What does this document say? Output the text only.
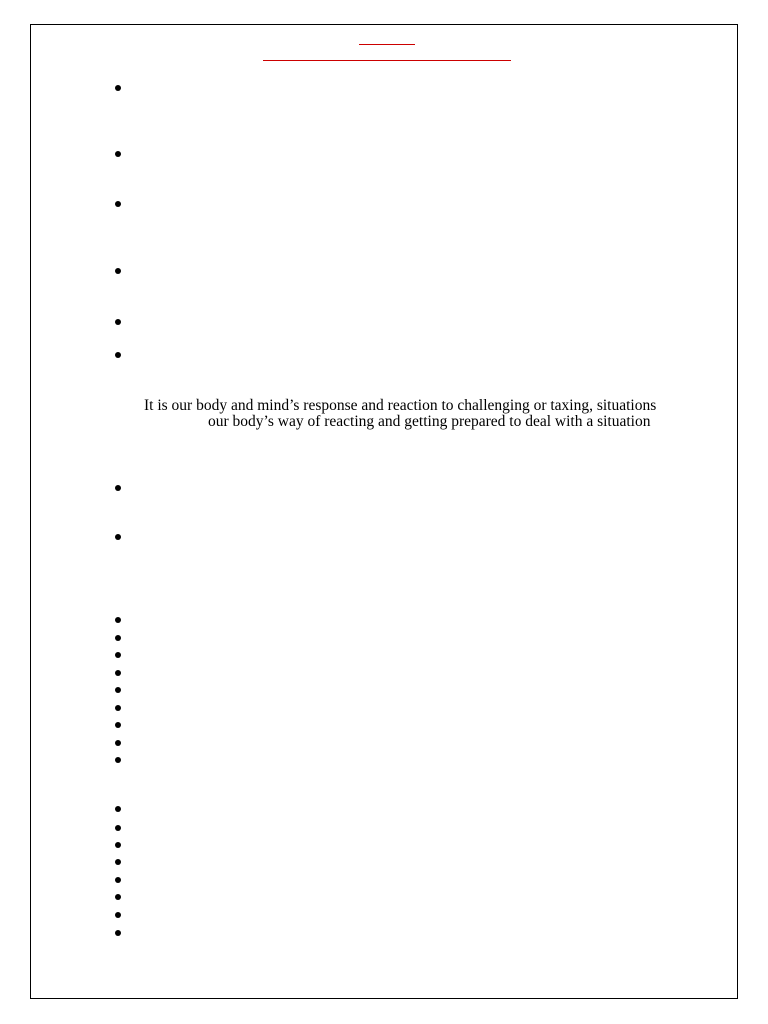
It is our body and mind’s response and reaction to challenging or taxing, situations
our body’s way of reacting and getting prepared to deal with a situation
